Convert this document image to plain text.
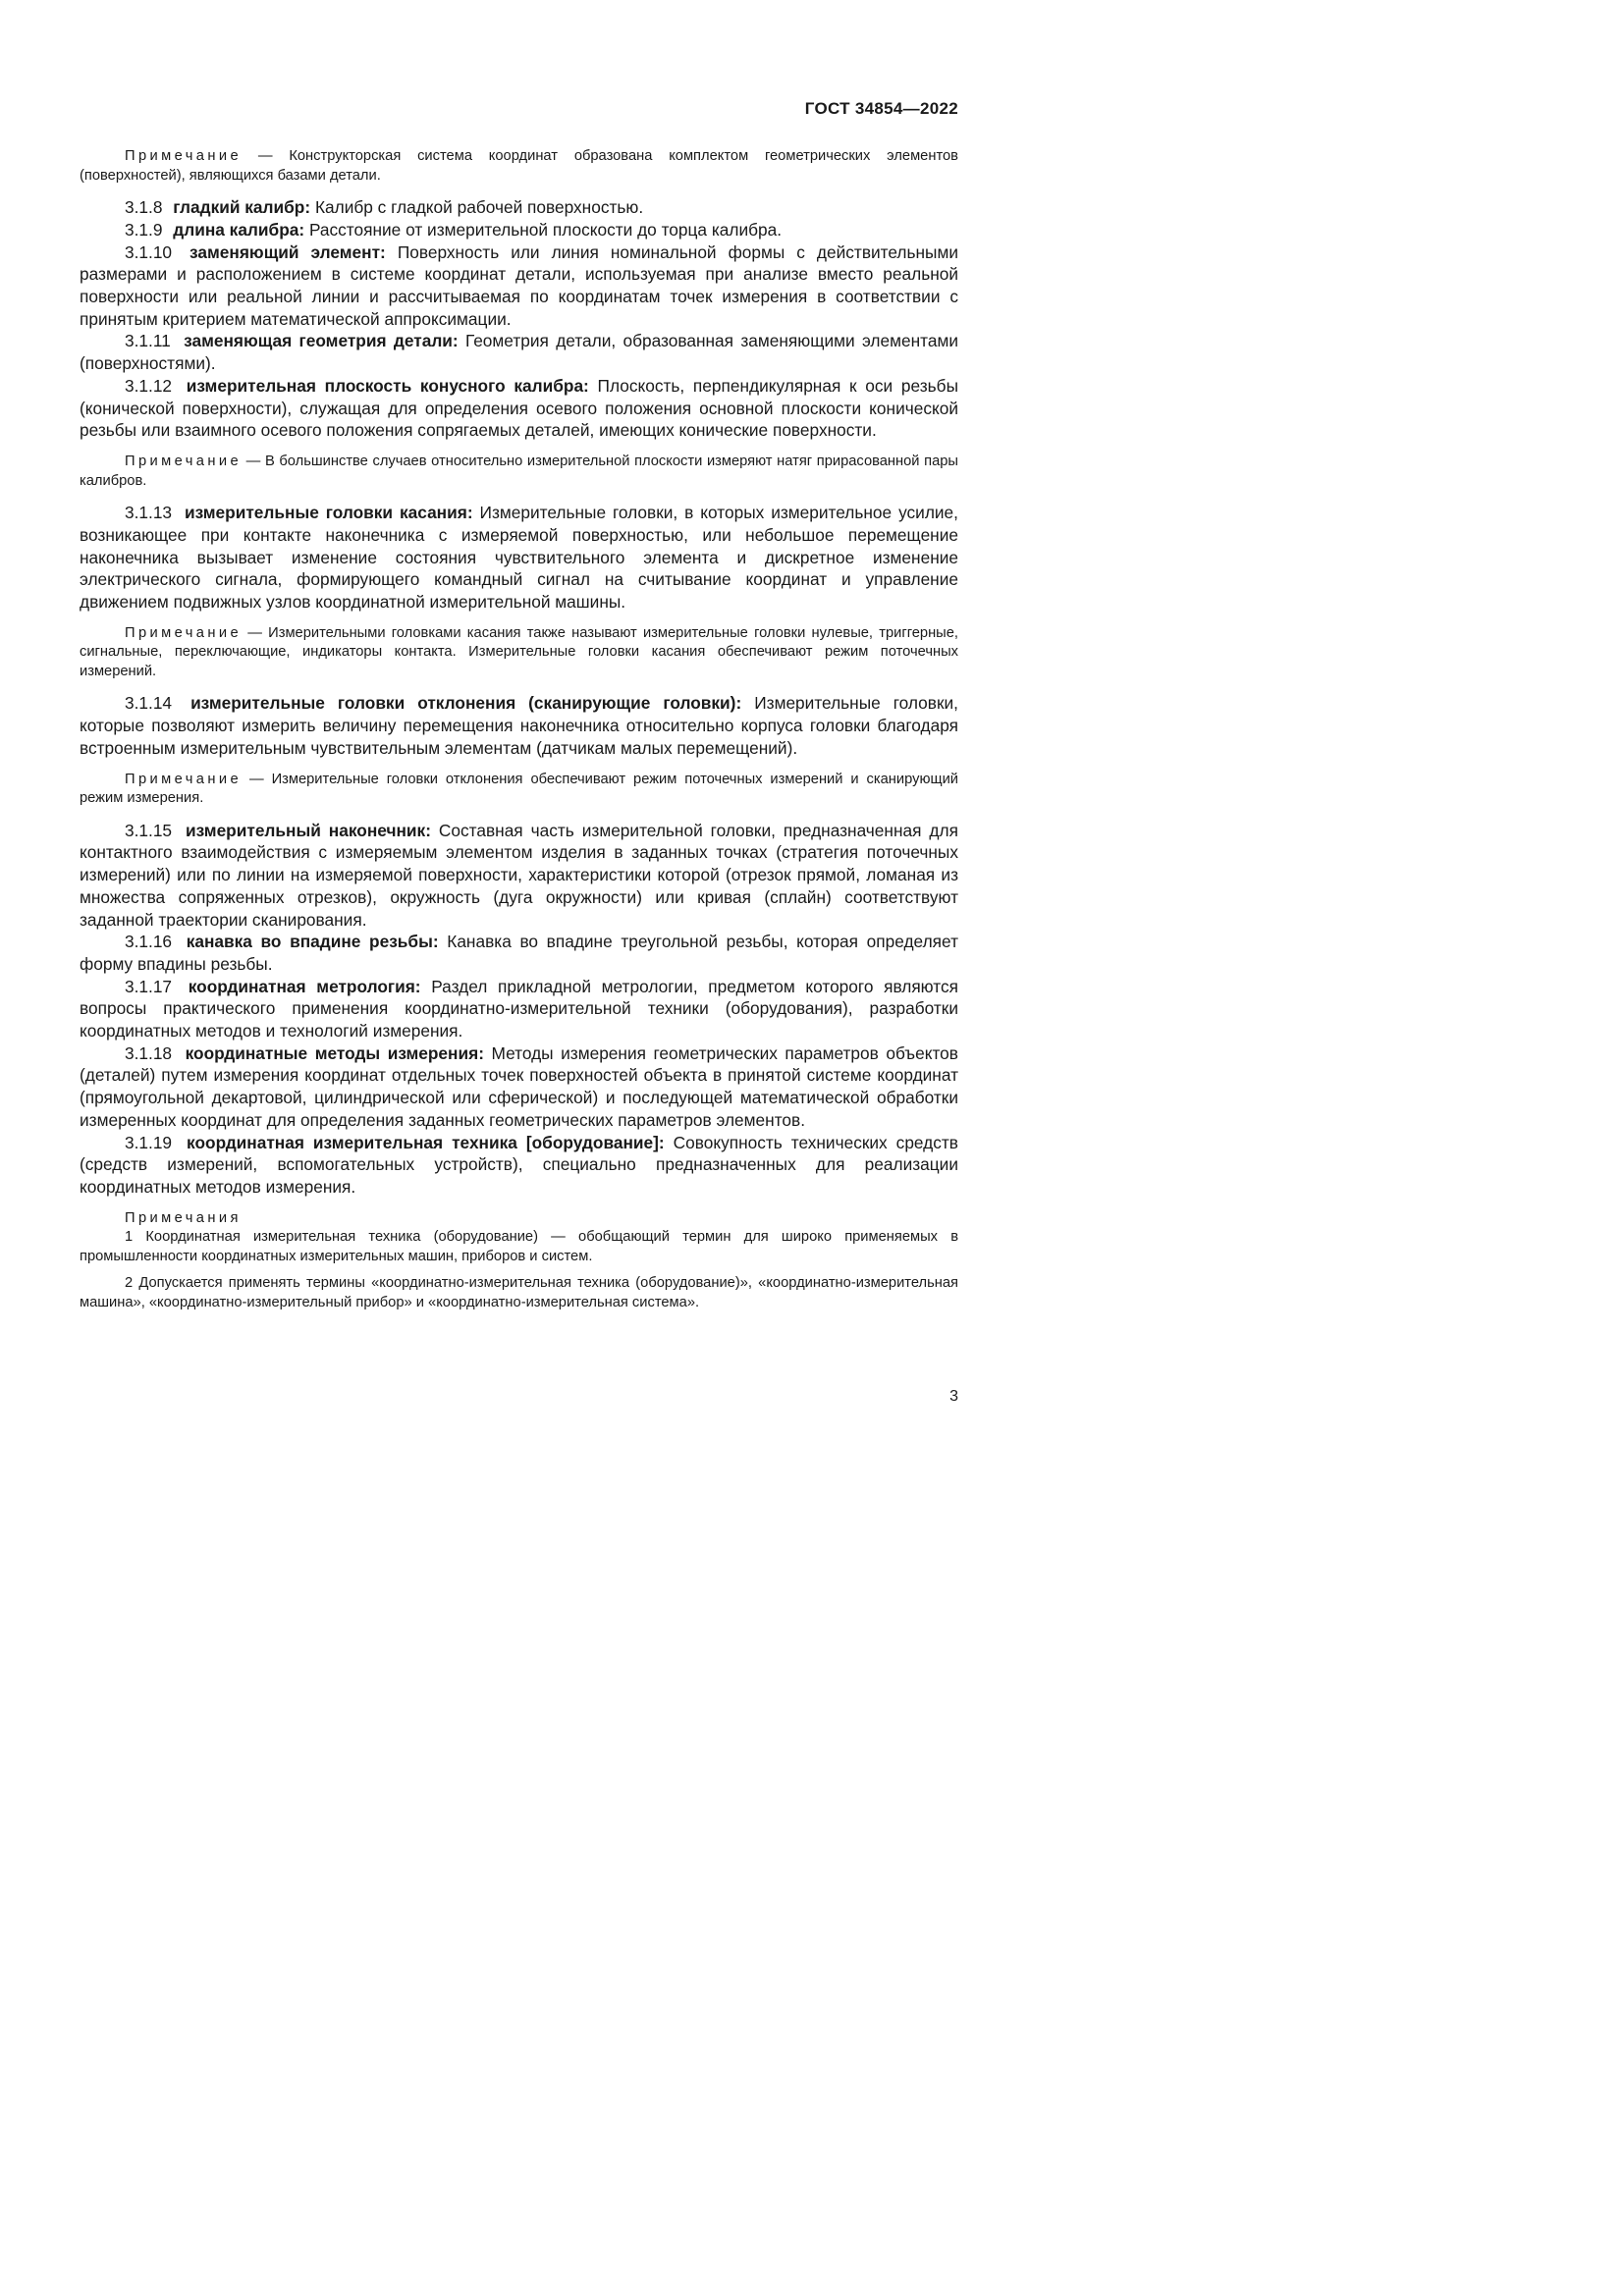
ГОСТ 34854—2022

Примечание — Конструкторская система координат образована комплектом геометрических элементов (поверхностей), являющихся базами детали.

3.1.8 гладкий калибр: Калибр с гладкой рабочей поверхностью.

3.1.9 длина калибра: Расстояние от измерительной плоскости до торца калибра.

3.1.10 заменяющий элемент: Поверхность или линия номинальной формы с действительными размерами и расположением в системе координат детали, используемая при анализе вместо реальной поверхности или реальной линии и рассчитываемая по координатам точек измерения в соответствии с принятым критерием математической аппроксимации.

3.1.11 заменяющая геометрия детали: Геометрия детали, образованная заменяющими элементами (поверхностями).

3.1.12 измерительная плоскость конусного калибра: Плоскость, перпендикулярная к оси резьбы (конической поверхности), служащая для определения осевого положения основной плоскости конической резьбы или взаимного осевого положения сопрягаемых деталей, имеющих конические поверхности.

Примечание — В большинстве случаев относительно измерительной плоскости измеряют натяг прирасованной пары калибров.

3.1.13 измерительные головки касания: Измерительные головки, в которых измерительное усилие, возникающее при контакте наконечника с измеряемой поверхностью, или небольшое перемещение наконечника вызывает изменение состояния чувствительного элемента и дискретное изменение электрического сигнала, формирующего командный сигнал на считывание координат и управление движением подвижных узлов координатной измерительной машины.

Примечание — Измерительными головками касания также называют измерительные головки нулевые, триггерные, сигнальные, переключающие, индикаторы контакта. Измерительные головки касания обеспечивают режим поточечных измерений.

3.1.14 измерительные головки отклонения (сканирующие головки): Измерительные головки, которые позволяют измерить величину перемещения наконечника относительно корпуса головки благодаря встроенным измерительным чувствительным элементам (датчикам малых перемещений).

Примечание — Измерительные головки отклонения обеспечивают режим поточечных измерений и сканирующий режим измерения.

3.1.15 измерительный наконечник: Составная часть измерительной головки, предназначенная для контактного взаимодействия с измеряемым элементом изделия в заданных точках (стратегия поточечных измерений) или по линии на измеряемой поверхности, характеристики которой (отрезок прямой, ломаная из множества сопряженных отрезков), окружность (дуга окружности) или кривая (сплайн) соответствуют заданной траектории сканирования.

3.1.16 канавка во впадине резьбы: Канавка во впадине треугольной резьбы, которая определяет форму впадины резьбы.

3.1.17 координатная метрология: Раздел прикладной метрологии, предметом которого являются вопросы практического применения координатно-измерительной техники (оборудования), разработки координатных методов и технологий измерения.

3.1.18 координатные методы измерения: Методы измерения геометрических параметров объектов (деталей) путем измерения координат отдельных точек поверхностей объекта в принятой системе координат (прямоугольной декартовой, цилиндрической или сферической) и последующей математической обработки измеренных координат для определения заданных геометрических параметров элементов.

3.1.19 координатная измерительная техника [оборудование]: Совокупность технических средств (средств измерений, вспомогательных устройств), специально предназначенных для реализации координатных методов измерения.

Примечания

1 Координатная измерительная техника (оборудование) — обобщающий термин для широко применяемых в промышленности координатных измерительных машин, приборов и систем.

2 Допускается применять термины «координатно-измерительная техника (оборудование)», «координатно-измерительная машина», «координатно-измерительный прибор» и «координатно-измерительная система».

3
